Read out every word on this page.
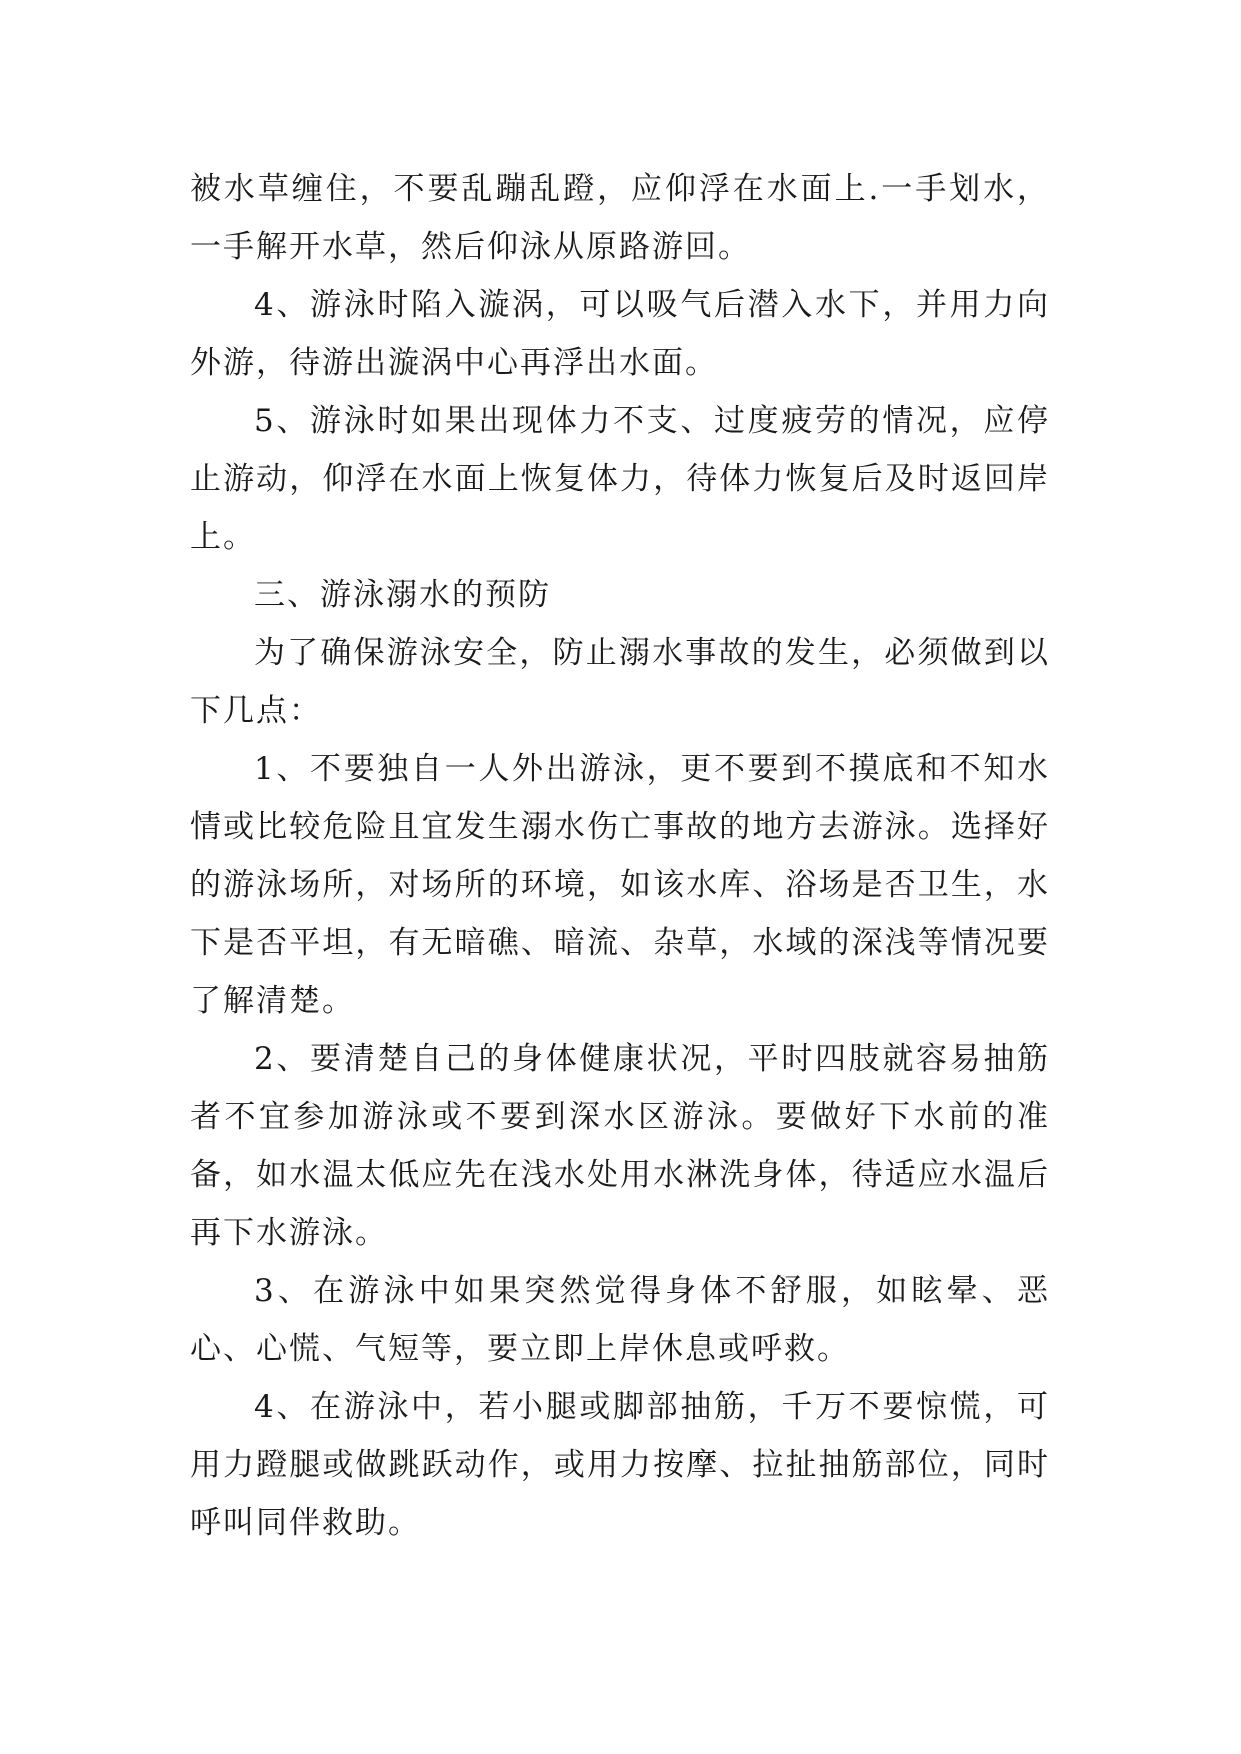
被水草缠住，不要乱蹦乱蹬，应仰浮在水面上.一手划水，一手解开水草，然后仰泳从原路游回。

4、游泳时陷入漩涡，可以吸气后潜入水下，并用力向外游，待游出漩涡中心再浮出水面。

5、游泳时如果出现体力不支、过度疲劳的情况，应停止游动，仰浮在水面上恢复体力，待体力恢复后及时返回岸上。

三、游泳溺水的预防

为了确保游泳安全，防止溺水事故的发生，必须做到以下几点：

1、不要独自一人外出游泳，更不要到不摸底和不知水情或比较危险且宜发生溺水伤亡事故的地方去游泳。选择好的游泳场所，对场所的环境，如该水库、浴场是否卫生，水下是否平坦，有无暗礁、暗流、杂草，水域的深浅等情况要了解清楚。

2、要清楚自己的身体健康状况，平时四肢就容易抽筋者不宜参加游泳或不要到深水区游泳。要做好下水前的准备，如水温太低应先在浅水处用水淋洗身体，待适应水温后再下水游泳。

3、在游泳中如果突然觉得身体不舒服，如眩晕、恶心、心慌、气短等，要立即上岸休息或呼救。

4、在游泳中，若小腿或脚部抽筋，千万不要惊慌，可用力蹬腿或做跳跃动作，或用力按摩、拉扯抽筋部位，同时呼叫同伴救助。
